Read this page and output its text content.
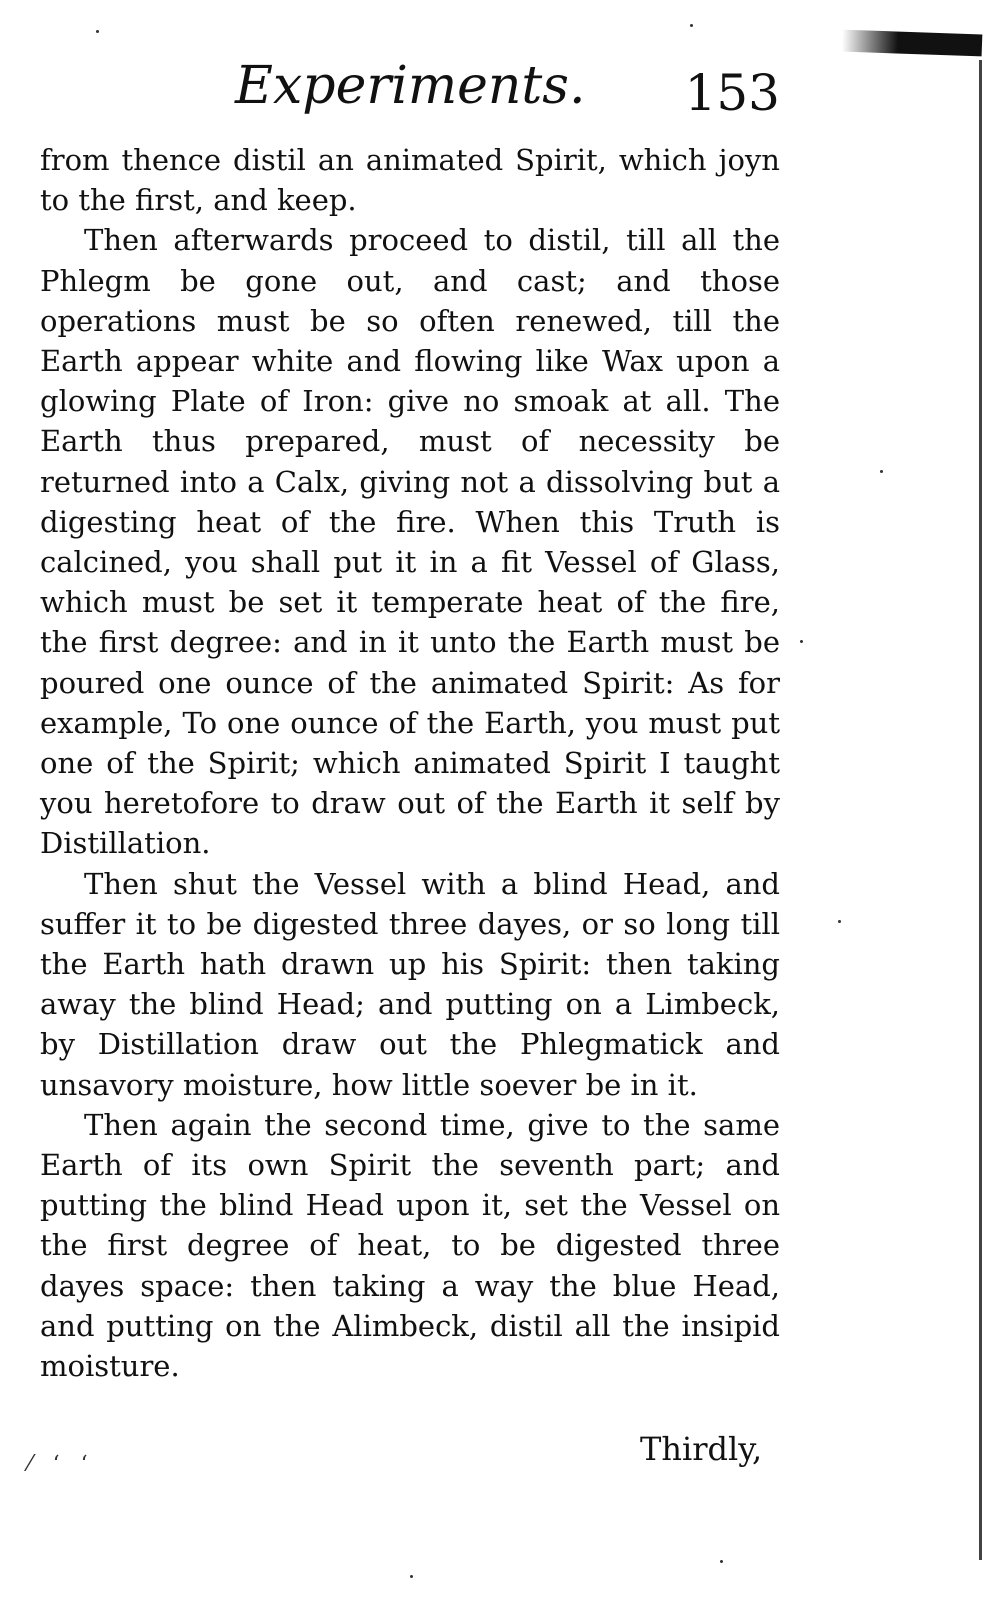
Experiments. 153

from thence distil an animated Spirit, which joyn to the first, and keep.

Then afterwards proceed to distil, till all the Phlegm be gone out, and cast; and those operations must be so often renewed, till the Earth appear white and flowing like Wax upon a glowing Plate of Iron: give no smoak at all. The Earth thus prepared, must of necessity be returned into a Calx, giving not a dissolving but a digesting heat of the fire. When this Truth is calcined, you shall put it in a fit Vessel of Glass, which must be set it temperate heat of the fire, the first degree: and in it unto the Earth must be poured one ounce of the animated Spirit: As for example, To one ounce of the Earth, you must put one of the Spirit; which animated Spirit I taught you heretofore to draw out of the Earth it self by Distillation.

Then shut the Vessel with a blind Head, and suffer it to be digested three dayes, or so long till the Earth hath drawn up his Spirit: then taking away the blind Head; and putting on a Limbeck, by Distillation draw out the Phlegmatick and unsavory moisture, how little soever be in it.

Then again the second time, give to the same Earth of its own Spirit the seventh part; and putting the blind Head upon it, set the Vessel on the first degree of heat, to be digested three dayes space: then taking a way the blue Head, and putting on the Alimbeck, distil all the insipid moisture.

Thirdly,
⁄   ‘   ‘
